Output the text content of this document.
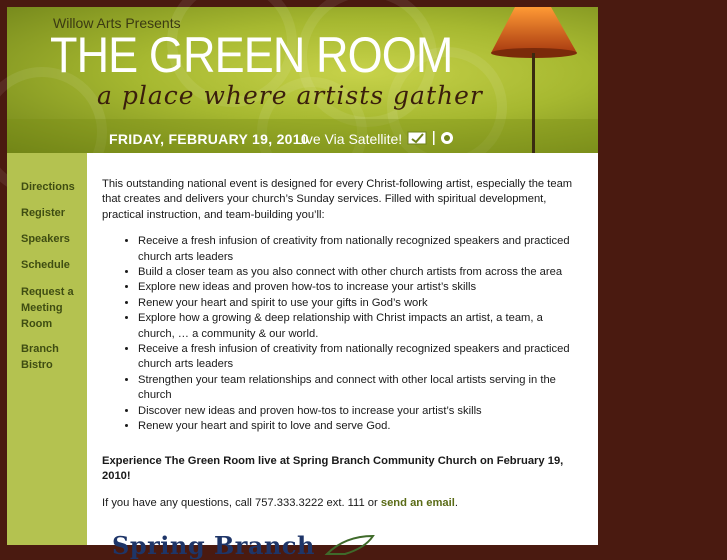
Willow Arts Presents
THE GREEN ROOM
a place where artists gather
FRIDAY, FEBRUARY 19, 2010
Live Via Satellite!
Directions
Register
Speakers
Schedule
Request a Meeting Room
Branch Bistro

This outstanding national event is designed for every Christ-following artist, especially the team that creates and delivers your church’s Sunday services. Filled with spiritual development, practical instruction, and team-building you’ll:

• Receive a fresh infusion of creativity from nationally recognized speakers and practiced church arts leaders
• Build a closer team as you also connect with other church artists from across the area
• Explore new ideas and proven how-tos to increase your artist’s skills
• Renew your heart and spirit to use your gifts in God’s work
• Explore how a growing & deep relationship with Christ impacts an artist, a team, a church, … a community & our world.
• Receive a fresh infusion of creativity from nationally recognized speakers and practiced church arts leaders
• Strengthen your team relationships and connect with other local artists serving in the church
• Discover new ideas and proven how-tos to increase your artist’s skills
• Renew your heart and spirit to love and serve God.

Experience The Green Room live at Spring Branch Community Church on February 19, 2010!

If you have any questions, call 757.333.3222 ext. 111 or send an email.

Spring Branch
